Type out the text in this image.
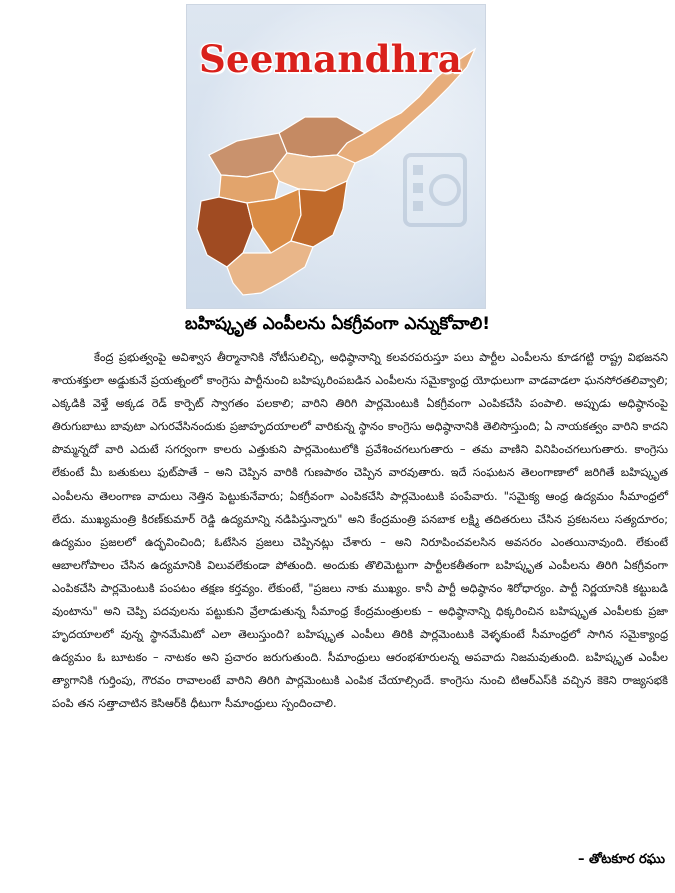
Seemandhra
బహిష్కృత ఎంపీలను ఏకగ్రీవంగా ఎన్నుకోవాలి!

కేంద్ర ప్రభుత్వంపై అవిశ్వాస తీర్మానానికి నోటీసులిచ్చి, అధిష్ఠానాన్ని కలవరపరుస్తూ పలు పార్టీల ఎంపీలను కూడగట్టి రాష్ట్ర విభజనని శాయశక్తులా అడ్డుకునే ప్రయత్నంలో కాంగ్రెసు పార్టీనుంచి బహిష్కరింపబడిన ఎంపీలను సమైక్యాంధ్ర యోధులుగా వాడవాడలా ఘనసోరతలివ్వాలి; ఎక్కడికి వెళ్తే అక్కడ రెడ్ కార్పెట్ స్వాగతం పలకాలి; వారిని తిరిగి పార్లమెంటుకి ఏకగ్రీవంగా ఎంపికచేసి పంపాలి. అప్పుడు అధిష్ఠానంపై తిరుగుబాటు బావుటా ఎగురవేసినందుకు ప్రజాహృదయాలలో వారికున్న స్థానం కాంగ్రెసు అధిష్ఠానానికి తెలిసొస్తుంది; ఏ నాయకత్వం వారిని కాదని పొమ్మన్నదో వారి ఎదుటే సగర్వంగా కాలరు ఎత్తుకుని పార్లమెంటులోకి ప్రవేశించగలుగుతారు – తమ వాణిని వినిపించగలుగుతారు. కాంగ్రెసు లేకుంటే మీ బతుకులు ఫుట్‌పాతే – అని చెప్పిన వారికి గుణపాఠం చెప్పిన వారవుతారు. ఇదే సంఘటన తెలంగాణాలో జరిగితే బహిష్కృత ఎంపీలను తెలంగాణ వాదులు నెత్తిన పెట్టుకునేవారు; ఏకగ్రీవంగా ఎంపికచేసి పార్లమెంటుకి పంపేవారు. "సమైక్య ఆంధ్ర ఉద్యమం సీమాంధ్రలో లేదు. ముఖ్యమంత్రి కిరణ్‌కుమార్ రెడ్డి ఉద్యమాన్ని నడిపిస్తున్నారు" అని కేంద్రమంత్రి పనబాక లక్ష్మి తదితరులు చేసిన ప్రకటనలు సత్యదూరం; ఉద్యమం ప్రజలలో ఉద్భవించింది; ఓటేసిన ప్రజలు చెప్పినట్లు చేశారు – అని నిరూపించవలసిన అవసరం ఎంతయినావుంది. లేకుంటే ఆబాలగోపాలం చేసిన ఉద్యమానికి విలువలేకుండా పోతుంది. అందుకు తొలిమెట్టుగా పార్టీలకతీతంగా బహిష్కృత ఎంపీలను తిరిగి ఏకగ్రీవంగా ఎంపికచేసి పార్లమెంటుకి పంపటం తక్షణ కర్తవ్యం. లేకుంటే, "ప్రజలు నాకు ముఖ్యం. కానీ పార్టీ అధిష్ఠానం శిరోధార్యం. పార్టీ నిర్ణయానికి కట్టుబడి వుంటాను" అని చెప్పి పదవులను పట్టుకుని వ్రేలాడుతున్న సీమాంధ్ర కేంద్రమంత్రులకు – అధిష్ఠానాన్ని ధిక్కరించిన బహిష్కృత ఎంపీలకు ప్రజా హృదయాలలో వున్న స్థానమేమిటో ఎలా తెలుస్తుంది? బహిష్కృత ఎంపీలు తిరికి పార్లమెంటుకి వెళ్ళకుంటే సీమాంధ్రలో సాగిన సమైక్యాంధ్ర ఉద్యమం ఓ బూటకం – నాటకం అని ప్రచారం జరుగుతుంది. సీమాంధ్రులు ఆరంభశూరులన్న అపవాదు నిజమవుతుంది. బహిష్కృత ఎంపీల త్యాగానికి గుర్తింపు, గౌరవం రావాలంటే వారిని తిరిగి పార్లమెంటుకి ఎంపిక చేయాల్సిందే. కాంగ్రెసు నుంచి టిఆర్ఎస్‌కి వచ్చిన కెకెని రాజ్యసభకి పంపి తన సత్తాచాటిన కెసిఆర్‌కి ధీటుగా సీమాంధ్రులు స్పందించాలి.

– తోటకూర రఘు
